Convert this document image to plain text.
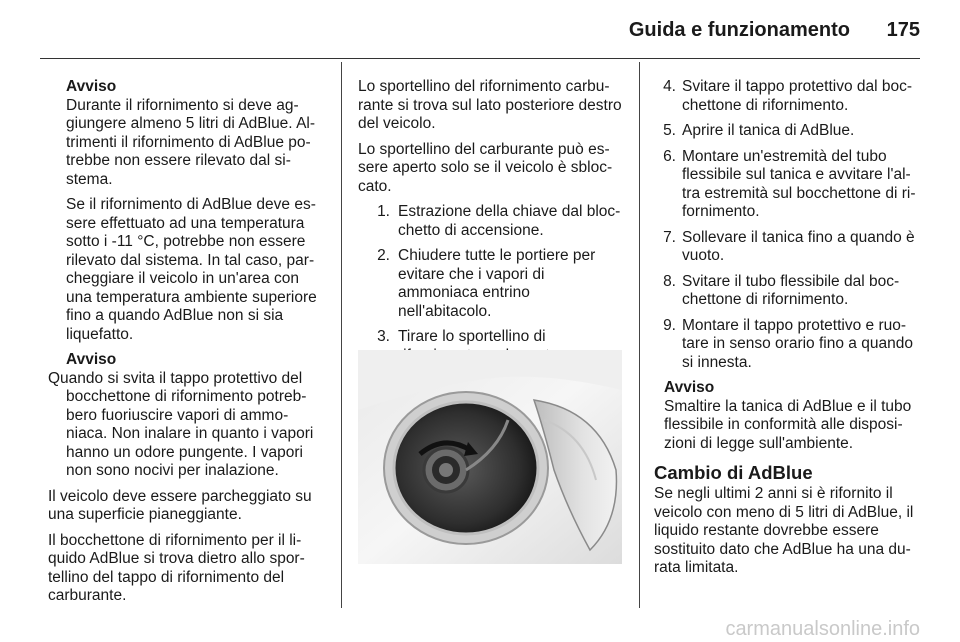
Guida e funzionamento	175
Avviso

Durante il rifornimento si deve aggiungere almeno 5 litri di AdBlue. Altrimenti il rifornimento di AdBlue potrebbe non essere rilevato dal sistema.

Se il rifornimento di AdBlue deve essere effettuato ad una temperatura sotto i -11 °C, potrebbe non essere rilevato dal sistema. In tal caso, parcheggiare il veicolo in un'area con una temperatura ambiente superiore fino a quando AdBlue non si sia liquefatto.

Avviso

Quando si svita il tappo protettivo del bocchettone di rifornimento potrebbero fuoriuscire vapori di ammoniaca. Non inalare in quanto i vapori hanno un odore pungente. I vapori non sono nocivi per inalazione.

Il veicolo deve essere parcheggiato su una superficie pianeggiante.

Il bocchettone di rifornimento per il liquido AdBlue si trova dietro allo sportellino del tappo di rifornimento del carburante.

Lo sportellino del rifornimento carburante si trova sul lato posteriore destro del veicolo.

Lo sportellino del carburante può essere aperto solo se il veicolo è sbloccato.

1. Estrazione della chiave dal blocchetto di accensione.
2. Chiudere tutte le portiere per evitare che i vapori di ammoniaca entrino nell'abitacolo.
3. Tirare lo sportellino di

4. Svitare il tappo protettivo dal bocchettone di rifornimento.
5. Aprire il tanica di AdBlue.
6. Montare un'estremità del tubo flessibile sul tanica e avvitare l'altra estremità sul bocchettone di rifornimento.
7. Sollevare il tanica fino a quando è vuoto.
8. Svitare il tubo flessibile dal bocchettone di rifornimento.
9. Montare il tappo protettivo e ruotare in senso orario fino a quando si innesta.
Avviso

Smaltire la tanica di AdBlue e il tubo flessibile in conformità alle disposizioni di legge sull'ambiente.

Cambio di AdBlue

Se negli ultimi 2 anni si è rifornito il veicolo con meno di 5 litri di AdBlue, il liquido restante dovrebbe essere sostituito dato che AdBlue ha una durata limitata.

carmanualsonline.info
